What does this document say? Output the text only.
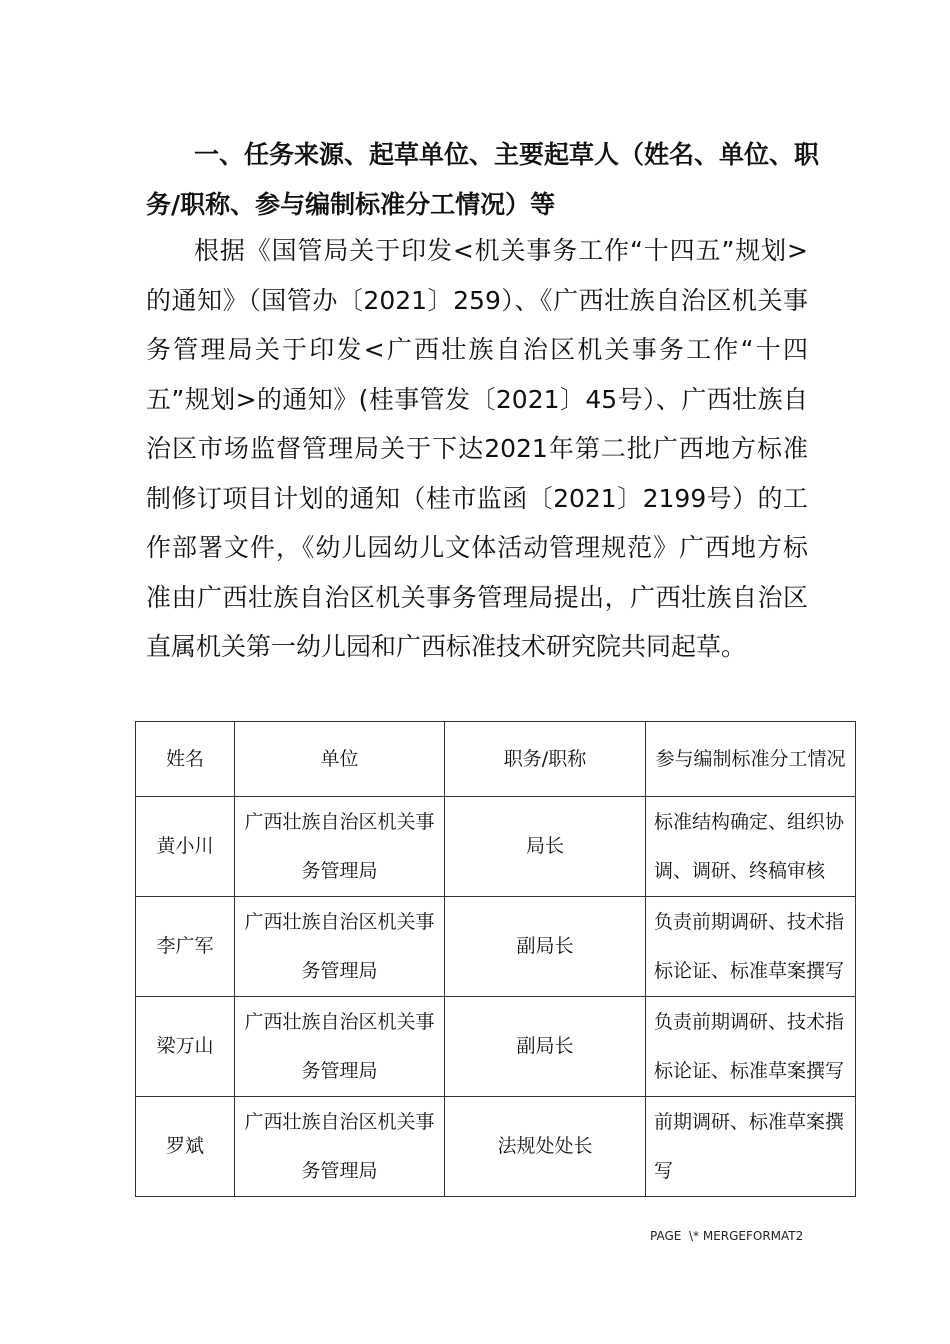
一、任务来源、起草单位、主要起草人（姓名、单位、职务/职称、参与编制标准分工情况）等

根据《国管局关于印发<机关事务工作“十四五”规划>的通知》（国管办〔2021〕259）、《广西壮族自治区机关事务管理局关于印发<广西壮族自治区机关事务工作“十四五”规划>的通知》(桂事管发〔2021〕45号）、广西壮族自治区市场监督管理局关于下达2021年第二批广西地方标准制修订项目计划的通知（桂市监函〔2021〕2199号）的工作部署文件，《幼儿园幼儿文体活动管理规范》广西地方标准由广西壮族自治区机关事务管理局提出，广西壮族自治区直属机关第一幼儿园和广西标准技术研究院共同起草。

姓名	单位	职务/职称	参与编制标准分工情况
黄小川	广西壮族自治区机关事务管理局	局长	标准结构确定、组织协调、调研、终稿审核
李广军	广西壮族自治区机关事务管理局	副局长	负责前期调研、技术指标论证、标准草案撰写
梁万山	广西壮族自治区机关事务管理局	副局长	负责前期调研、技术指标论证、标准草案撰写
罗斌	广西壮族自治区机关事务管理局	法规处处长	前期调研、标准草案撰写
PAGE  \* MERGEFORMAT2
